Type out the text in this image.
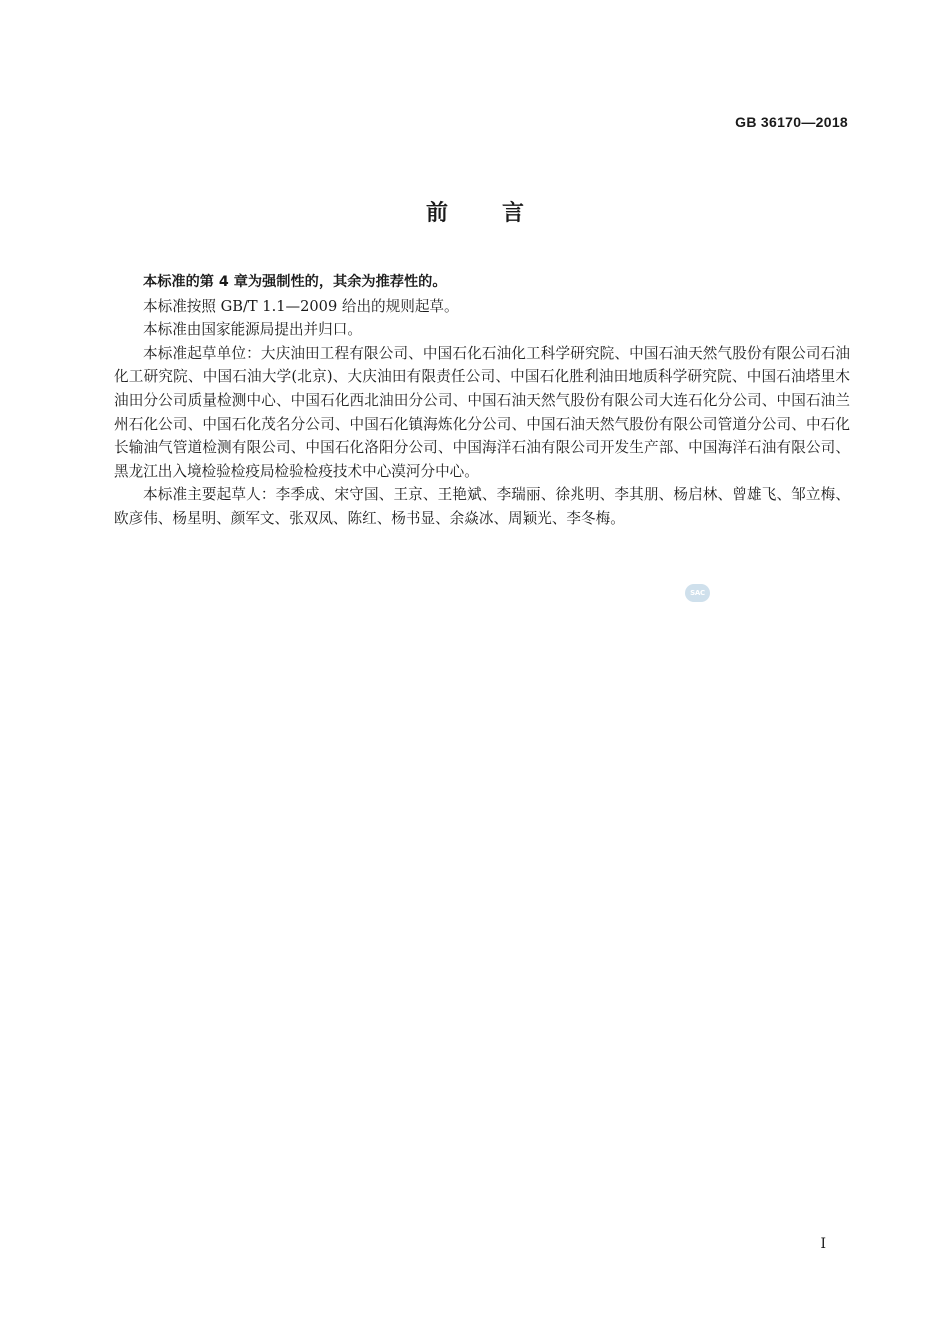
GB 36170—2018
前言

本标准的第 4 章为强制性的，其余为推荐性的。

本标准按照 GB/T 1.1—2009 给出的规则起草。

本标准由国家能源局提出并归口。

本标准起草单位：大庆油田工程有限公司、中国石化石油化工科学研究院、中国石油天然气股份有限公司石油化工研究院、中国石油大学(北京)、大庆油田有限责任公司、中国石化胜利油田地质科学研究院、中国石油塔里木油田分公司质量检测中心、中国石化西北油田分公司、中国石油天然气股份有限公司大连石化分公司、中国石油兰州石化公司、中国石化茂名分公司、中国石化镇海炼化分公司、中国石油天然气股份有限公司管道分公司、中石化长输油气管道检测有限公司、中国石化洛阳分公司、中国海洋石油有限公司开发生产部、中国海洋石油有限公司、黑龙江出入境检验检疫局检验检疫技术中心漠河分中心。

本标准主要起草人：李季成、宋守国、王京、王艳斌、李瑞丽、徐兆明、李其朋、杨启林、曾雄飞、邹立梅、欧彦伟、杨星明、颜军文、张双凤、陈红、杨书显、余焱冰、周颖光、李冬梅。

SAC
I
